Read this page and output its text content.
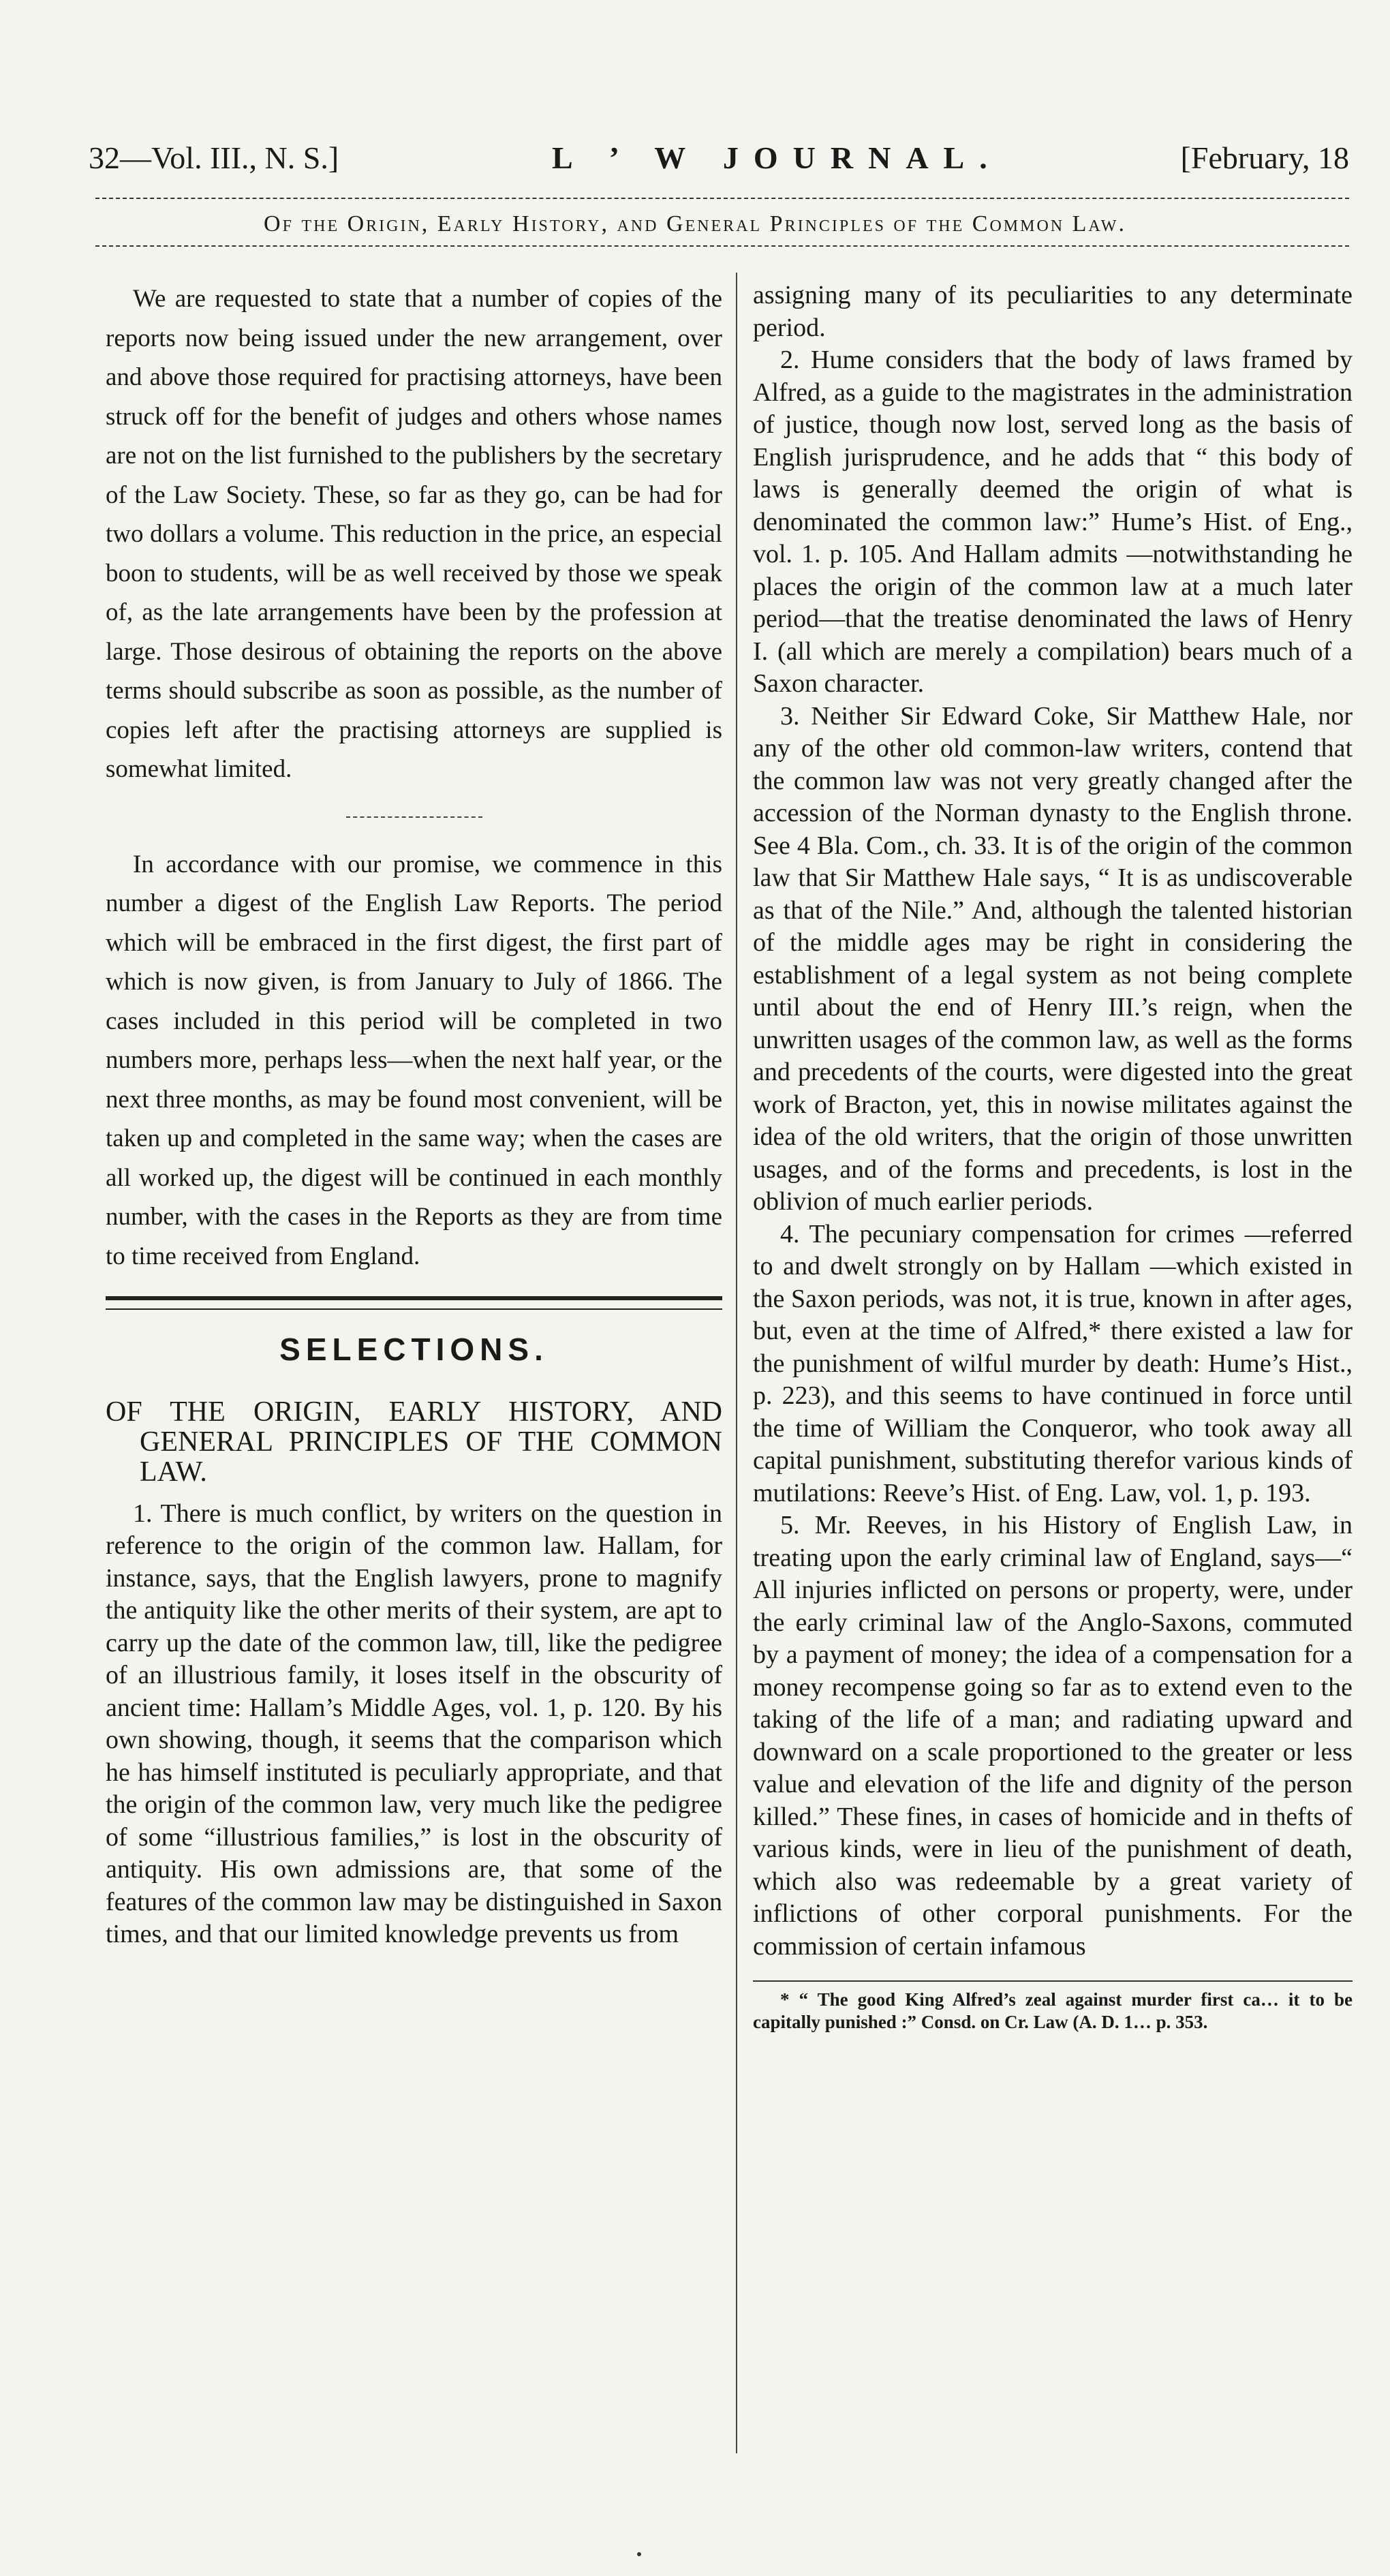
32—Vol. III., N. S.]	L ’ W JOURNAL.	[February, 18
Of the Origin, Early History, and General Principles of the Common Law.

We are requested to state that a number of copies of the reports now being issued under the new arrangement, over and above those required for practising attorneys, have been struck off for the benefit of judges and others whose names are not on the list furnished to the publishers by the secretary of the Law Society. These, so far as they go, can be had for two dollars a volume. This reduction in the price, an especial boon to students, will be as well received by those we speak of, as the late arrangements have been by the profession at large. Those desirous of obtaining the reports on the above terms should subscribe as soon as possible, as the number of copies left after the practising attorneys are supplied is somewhat limited.

In accordance with our promise, we commence in this number a digest of the English Law Reports. The period which will be embraced in the first digest, the first part of which is now given, is from January to July of 1866. The cases included in this period will be completed in two numbers more, perhaps less—when the next half year, or the next three months, as may be found most convenient, will be taken up and completed in the same way; when the cases are all worked up, the digest will be continued in each monthly number, with the cases in the Reports as they are from time to time received from England.

SELECTIONS.

OF THE ORIGIN, EARLY HISTORY, AND GENERAL PRINCIPLES OF THE COMMON LAW.

1. There is much conflict, by writers on the question in reference to the origin of the common law. Hallam, for instance, says, that the English lawyers, prone to magnify the antiquity like the other merits of their system, are apt to carry up the date of the common law, till, like the pedigree of an illustrious family, it loses itself in the obscurity of ancient time: Hallam’s Middle Ages, vol. 1, p. 120. By his own showing, though, it seems that the comparison which he has himself instituted is peculiarly appropriate, and that the origin of the common law, very much like the pedigree of some “illustrious families,” is lost in the obscurity of antiquity. His own admissions are, that some of the features of the common law may be distinguished in Saxon times, and that our limited knowledge prevents us from

assigning many of its peculiarities to any determinate period.

2. Hume considers that the body of laws framed by Alfred, as a guide to the magistrates in the administration of justice, though now lost, served long as the basis of English jurisprudence, and he adds that “ this body of laws is generally deemed the origin of what is denominated the common law:” Hume’s Hist. of Eng., vol. 1. p. 105. And Hallam admits —notwithstanding he places the origin of the common law at a much later period—that the treatise denominated the laws of Henry I. (all which are merely a compilation) bears much of a Saxon character.

3. Neither Sir Edward Coke, Sir Matthew Hale, nor any of the other old common-law writers, contend that the common law was not very greatly changed after the accession of the Norman dynasty to the English throne. See 4 Bla. Com., ch. 33. It is of the origin of the common law that Sir Matthew Hale says, “ It is as undiscoverable as that of the Nile.” And, although the talented historian of the middle ages may be right in considering the establishment of a legal system as not being complete until about the end of Henry III.’s reign, when the unwritten usages of the common law, as well as the forms and precedents of the courts, were digested into the great work of Bracton, yet, this in nowise militates against the idea of the old writers, that the origin of those unwritten usages, and of the forms and precedents, is lost in the oblivion of much earlier periods.

4. The pecuniary compensation for crimes —referred to and dwelt strongly on by Hallam —which existed in the Saxon periods, was not, it is true, known in after ages, but, even at the time of Alfred,* there existed a law for the punishment of wilful murder by death: Hume’s Hist., p. 223), and this seems to have continued in force until the time of William the Conqueror, who took away all capital punishment, substituting therefor various kinds of mutilations: Reeve’s Hist. of Eng. Law, vol. 1, p. 193.

5. Mr. Reeves, in his History of English Law, in treating upon the early criminal law of England, says—“ All injuries inflicted on persons or property, were, under the early criminal law of the Anglo-Saxons, commuted by a payment of money; the idea of a compensation for a money recompense going so far as to extend even to the taking of the life of a man; and radiating upward and downward on a scale proportioned to the greater or less value and elevation of the life and dignity of the person killed.” These fines, in cases of homicide and in thefts of various kinds, were in lieu of the punishment of death, which also was redeemable by a great variety of inflictions of other corporal punishments. For the commission of certain infamous

* “ The good King Alfred’s zeal against murder first ca… it to be capitally punished :” Consd. on Cr. Law (A. D. 1… p. 353.
